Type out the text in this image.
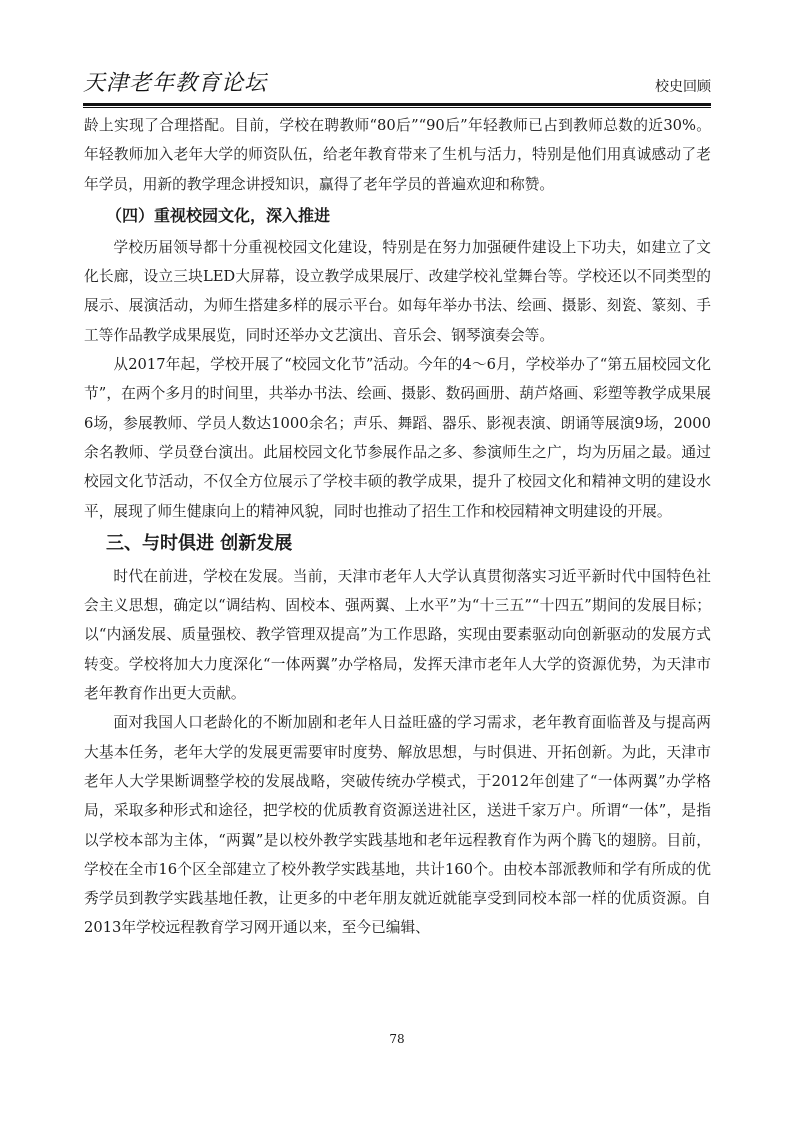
天津老年教育论坛	校史回顾

龄上实现了合理搭配。目前，学校在聘教师“80后”“90后”年轻教师已占到教师总数的近30%。年轻教师加入老年大学的师资队伍，给老年教育带来了生机与活力，特别是他们用真诚感动了老年学员，用新的教学理念讲授知识，赢得了老年学员的普遍欢迎和称赞。

（四）重视校园文化，深入推进

学校历届领导都十分重视校园文化建设，特别是在努力加强硬件建设上下功夫，如建立了文化长廊，设立三块LED大屏幕，设立教学成果展厅、改建学校礼堂舞台等。学校还以不同类型的展示、展演活动，为师生搭建多样的展示平台。如每年举办书法、绘画、摄影、刻瓷、篆刻、手工等作品教学成果展览，同时还举办文艺演出、音乐会、钢琴演奏会等。

从2017年起，学校开展了“校园文化节”活动。今年的4～6月，学校举办了“第五届校园文化节”，在两个多月的时间里，共举办书法、绘画、摄影、数码画册、葫芦烙画、彩塑等教学成果展6场，参展教师、学员人数达1000余名；声乐、舞蹈、器乐、影视表演、朗诵等展演9场，2000余名教师、学员登台演出。此届校园文化节参展作品之多、参演师生之广，均为历届之最。通过校园文化节活动，不仅全方位展示了学校丰硕的教学成果，提升了校园文化和精神文明的建设水平，展现了师生健康向上的精神风貌，同时也推动了招生工作和校园精神文明建设的开展。

三、与时俱进 创新发展

时代在前进，学校在发展。当前，天津市老年人大学认真贯彻落实习近平新时代中国特色社会主义思想，确定以“调结构、固校本、强两翼、上水平”为“十三五”“十四五”期间的发展目标；以“内涵发展、质量强校、教学管理双提高”为工作思路，实现由要素驱动向创新驱动的发展方式转变。学校将加大力度深化“一体两翼”办学格局，发挥天津市老年人大学的资源优势，为天津市老年教育作出更大贡献。

面对我国人口老龄化的不断加剧和老年人日益旺盛的学习需求，老年教育面临普及与提高两大基本任务，老年大学的发展更需要审时度势、解放思想，与时俱进、开拓创新。为此，天津市老年人大学果断调整学校的发展战略，突破传统办学模式，于2012年创建了“一体两翼”办学格局，采取多种形式和途径，把学校的优质教育资源送进社区，送进千家万户。所谓“一体”，是指以学校本部为主体，“两翼”是以校外教学实践基地和老年远程教育作为两个腾飞的翅膀。目前，学校在全市16个区全部建立了校外教学实践基地，共计160个。由校本部派教师和学有所成的优秀学员到教学实践基地任教，让更多的中老年朋友就近就能享受到同校本部一样的优质资源。自2013年学校远程教育学习网开通以来，至今已编辑、

78
